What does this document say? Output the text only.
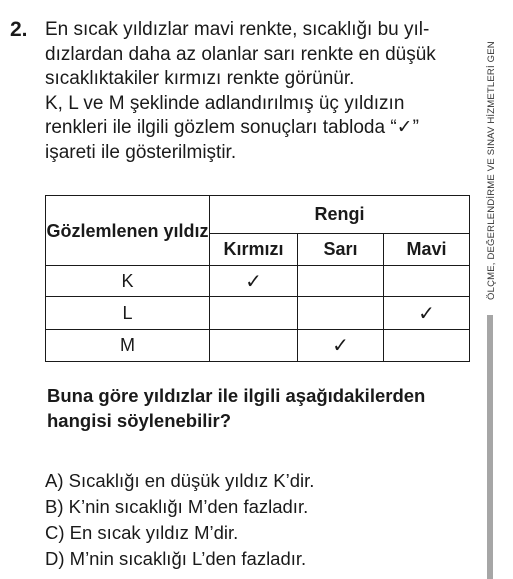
2. En sıcak yıldızlar mavi renkte, sıcaklığı bu yıl-
dızlardan daha az olanlar sarı renkte en düşük
sıcaklıktakiler kırmızı renkte görünür.
K, L ve M şeklinde adlandırılmış üç yıldızın
renkleri ile ilgili gözlem sonuçları tabloda “✓”
işareti ile gösterilmiştir.
Gözlemlenen yıldız	Rengi		
	Kırmızı	Sarı	Mavi
K	✓		
L			✓
M		✓	
Buna göre yıldızlar ile ilgili aşağıdakilerden
hangisi söylenebilir?
A) Sıcaklığı en düşük yıldız K’dir.
B) K’nin sıcaklığı M’den fazladır.
C) En sıcak yıldız M’dir.
D) M’nin sıcaklığı L’den fazladır.
ÖLÇME, DEĞERLENDİRME VE SINAV HİZMETLERİ GEN
